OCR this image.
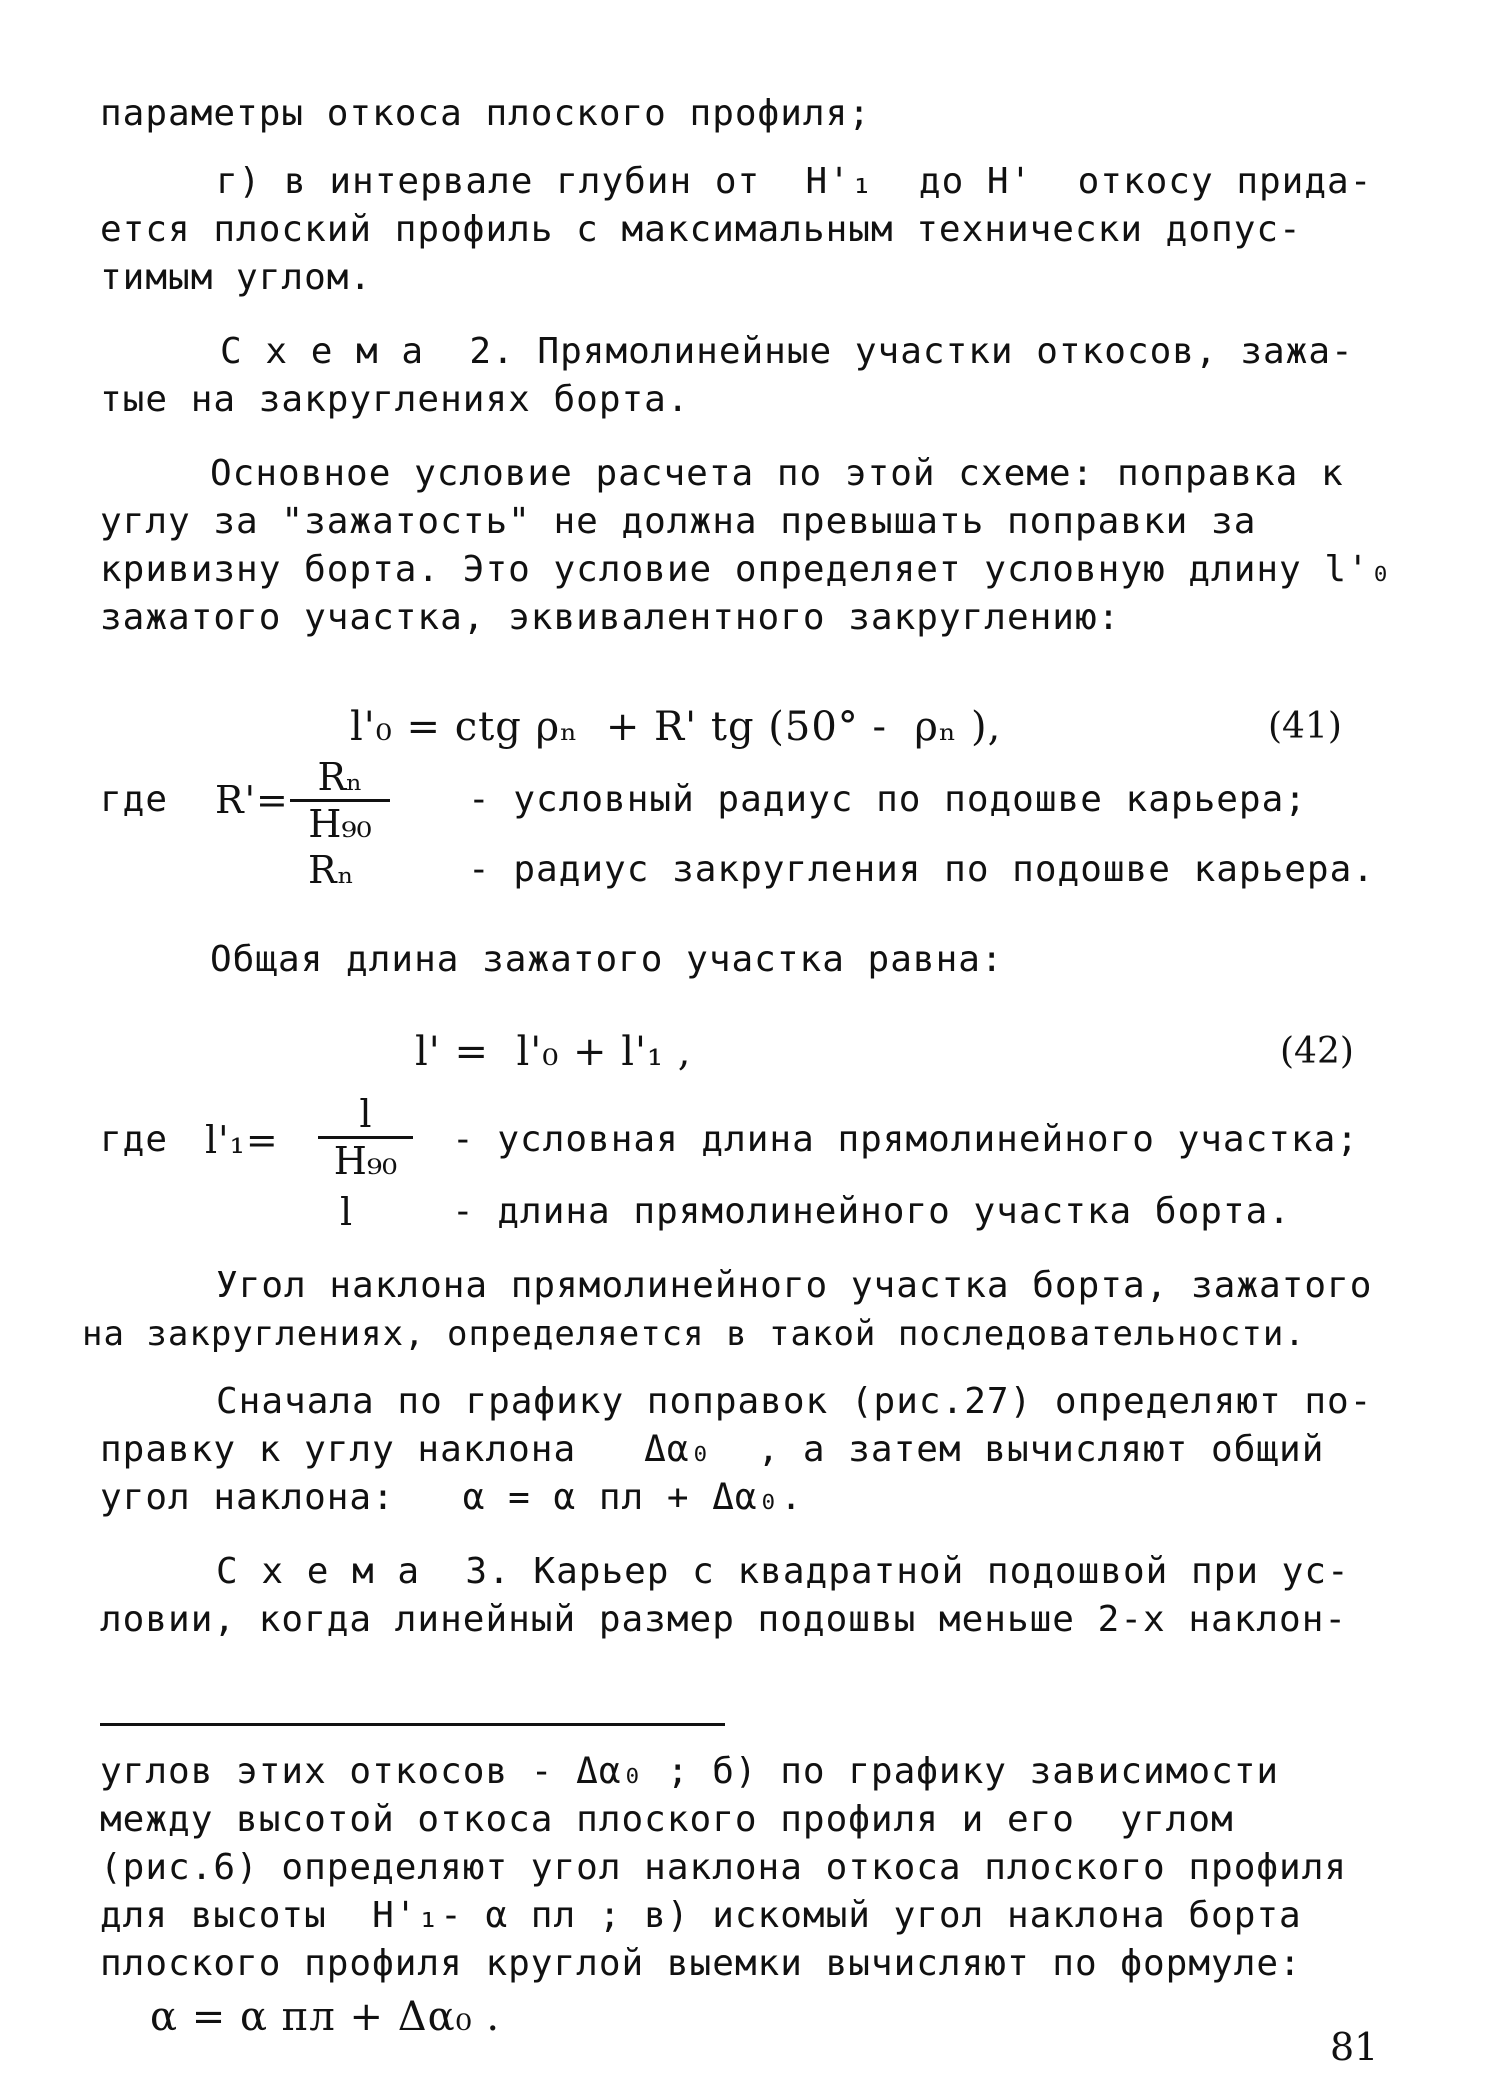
параметры откоса плоского профиля;
г) в интервале глубин от  H'₁  до H'  откосу прида-
ется плоский профиль с максимальным технически допус-
тимым углом.
С х е м а  2. Прямолинейные участки откосов, зажа-
тые на закруглениях борта.
Основное условие расчета по этой схеме: поправка к
углу за "зажатость" не должна превышать поправки за
кривизну борта. Это условие определяет условную длину l'₀
зажатого участка, эквивалентного закруглению:
l'₀ = ctg ρₙ  + R' tg (50° -  ρₙ ),	(41)
где $R'= \frac{\text{Rₙ}}{\text{H₉₀}}$ - условный радиус по подошве карьера;
Rₙ	- радиус закругления по подошве карьера.
Общая длина зажатого участка равна:
l' =  l'₀ + l'₁ ,	(42)
где $l'_1= \frac{l}{\text{H₉₀}}$ - условная длина прямолинейного участка;
l	- длина прямолинейного участка борта.
Угол наклона прямолинейного участка борта, зажатого
на закруглениях, определяется в такой последовательности.
Сначала по графику поправок (рис.27) определяют по-
правку к углу наклона   Δα₀  , а затем вычисляют общий
угол наклона:   α = α пл + Δα₀.
С х е м а  3. Карьер с квадратной подошвой при ус-
ловии, когда линейный размер подошвы меньше 2-х наклон-
углов этих откосов - Δα₀ ; б) по графику зависимости
между высотой откоса плоского профиля и его  углом
(рис.6) определяют угол наклона откоса плоского профиля
для высоты  H'₁- α пл ; в) искомый угол наклона борта
плоского профиля круглой выемки вычисляют по формуле:
α = α пл + Δα₀ .
81
